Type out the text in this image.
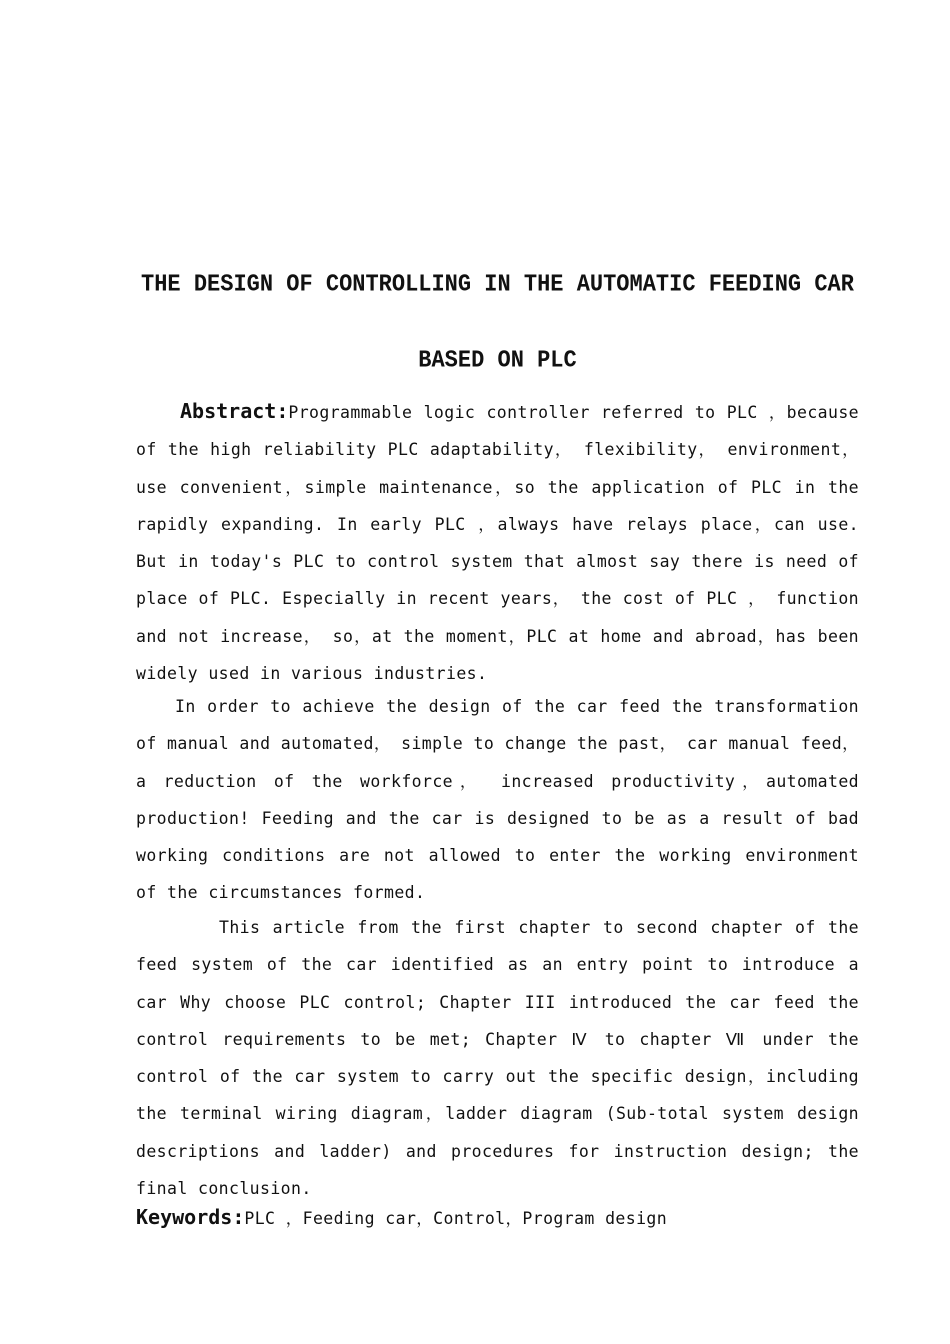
THE DESIGN OF CONTROLLING IN THE AUTOMATIC FEEDING CAR
BASED ON PLC
Abstract:Programmable logic controller referred to PLC ，because of the high reliability PLC adaptability， flexibility， environment， use convenient，simple maintenance，so the application of PLC in the rapidly expanding. In early PLC ，always have relays place，can use. But in today's PLC to control system that almost say there is need of place of PLC. Especially in recent years， the cost of PLC ， function and not increase， so，at the moment，PLC at home and abroad，has been widely used in various industries.
In order to achieve the design of the car feed the transformation of manual and automated， simple to change the past， car manual feed， a reduction of the workforce， increased productivity，automated production! Feeding and the car is designed to be as a result of bad working conditions are not allowed to enter the working environment of the circumstances formed.
This article from the first chapter to second chapter of the feed system of the car identified as an entry point to introduce a car Why choose PLC control; Chapter III introduced the car feed the control requirements to be met; Chapter Ⅳ to chapter Ⅶ under the control of the car system to carry out the specific design，including the terminal wiring diagram，ladder diagram (Sub-total system design descriptions and ladder) and procedures for instruction design; the final conclusion.
Keywords:PLC ，Feeding car，Control，Program design
